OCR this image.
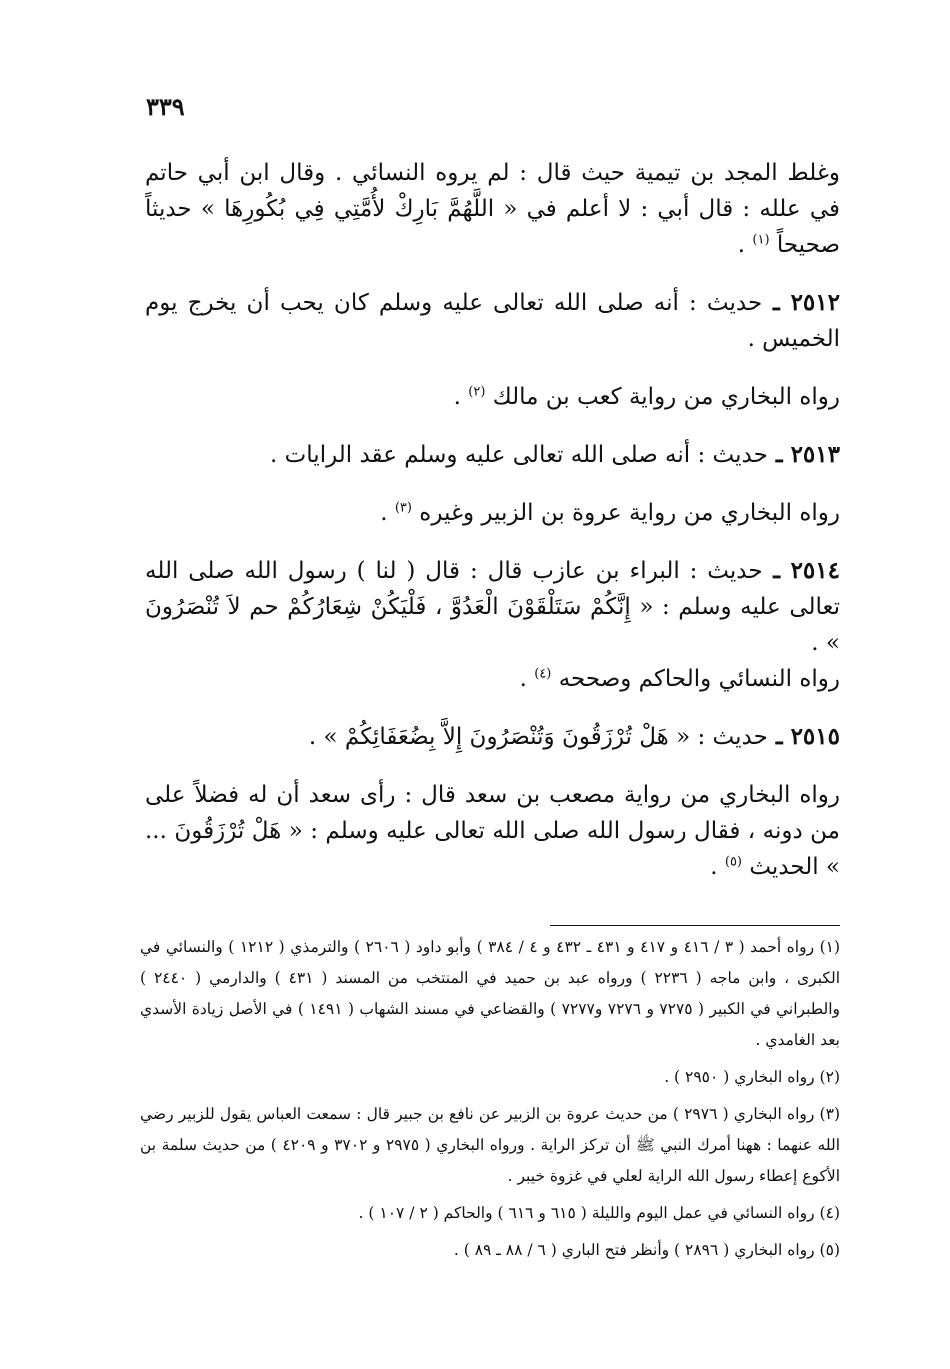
٣٣٩

وغلط المجد بن تيمية حيث قال : لم يروه النسائي . وقال ابن أبي حاتم في علله : قال أبي : لا أعلم في « اللَّهُمَّ بَارِكْ لأُمَّتِي فِي بُكُورِهَا » حديثاً صحيحاً $^{(١)}$ .

٢٥١٢ ـ حديث : أنه صلى الله تعالى عليه وسلم كان يحب أن يخرج يوم الخميس .

رواه البخاري من رواية كعب بن مالك $^{(٢)}$ .

٢٥١٣ ـ حديث : أنه صلى الله تعالى عليه وسلم عقد الرايات .

رواه البخاري من رواية عروة بن الزبير وغيره $^{(٣)}$ .

٢٥١٤ ـ حديث : البراء بن عازب قال : قال ( لنا ) رسول الله صلى الله تعالى عليه وسلم : « إِنَّكُمْ سَتَلْقَوْنَ الْعَدُوَّ ، فَلْيَكُنْ شِعَارُكُمْ حم لاَ تُنْصَرُونَ » .

رواه النسائي والحاكم وصححه $^{(٤)}$ .

٢٥١٥ ـ حديث : « هَلْ تُرْزَقُونَ وَتُنْصَرُونَ إِلاَّ بِضُعَفَائِكُمْ » .

رواه البخاري من رواية مصعب بن سعد قال : رأى سعد أن له فضلاً على من دونه ، فقال رسول الله صلى الله تعالى عليه وسلم : « هَلْ تُرْزَقُونَ ... » الحديث $^{(٥)}$ .

(١) رواه أحمد ( ٣ / ٤١٦ و ٤١٧ و ٤٣١ ـ ٤٣٢ و ٤ / ٣٨٤ ) وأبو داود ( ٢٦٠٦ ) والترمذي ( ١٢١٢ ) والنسائي في الكبرى ، وابن ماجه ( ٢٢٣٦ ) ورواه عبد بن حميد في المنتخب من المسند ( ٤٣١ ) والدارمي ( ٢٤٤٠ ) والطبراني في الكبير ( ٧٢٧٥ و ٧٢٧٦ و٧٢٧٧ ) والقضاعي في مسند الشهاب ( ١٤٩١ ) في الأصل زيادة الأسدي بعد الغامدي .

(٢) رواه البخاري ( ٢٩٥٠ ) .

(٣) رواه البخاري ( ٢٩٧٦ ) من حديث عروة بن الزبير عن نافع بن جبير قال : سمعت العباس يقول للزبير رضي الله عنهما : ههنا أمرك النبي ﷺ أن تركز الراية . ورواه البخاري ( ٢٩٧٥ و ٣٧٠٢ و ٤٢٠٩ ) من حديث سلمة بن الأكوع إعطاء رسول الله الراية لعلي في غزوة خيبر .

(٤) رواه النسائي في عمل اليوم والليلة ( ٦١٥ و ٦١٦ ) والحاكم ( ٢ / ١٠٧ ) .

(٥) رواه البخاري ( ٢٨٩٦ ) وأنظر فتح الباري ( ٦ / ٨٨ ـ ٨٩ ) .
